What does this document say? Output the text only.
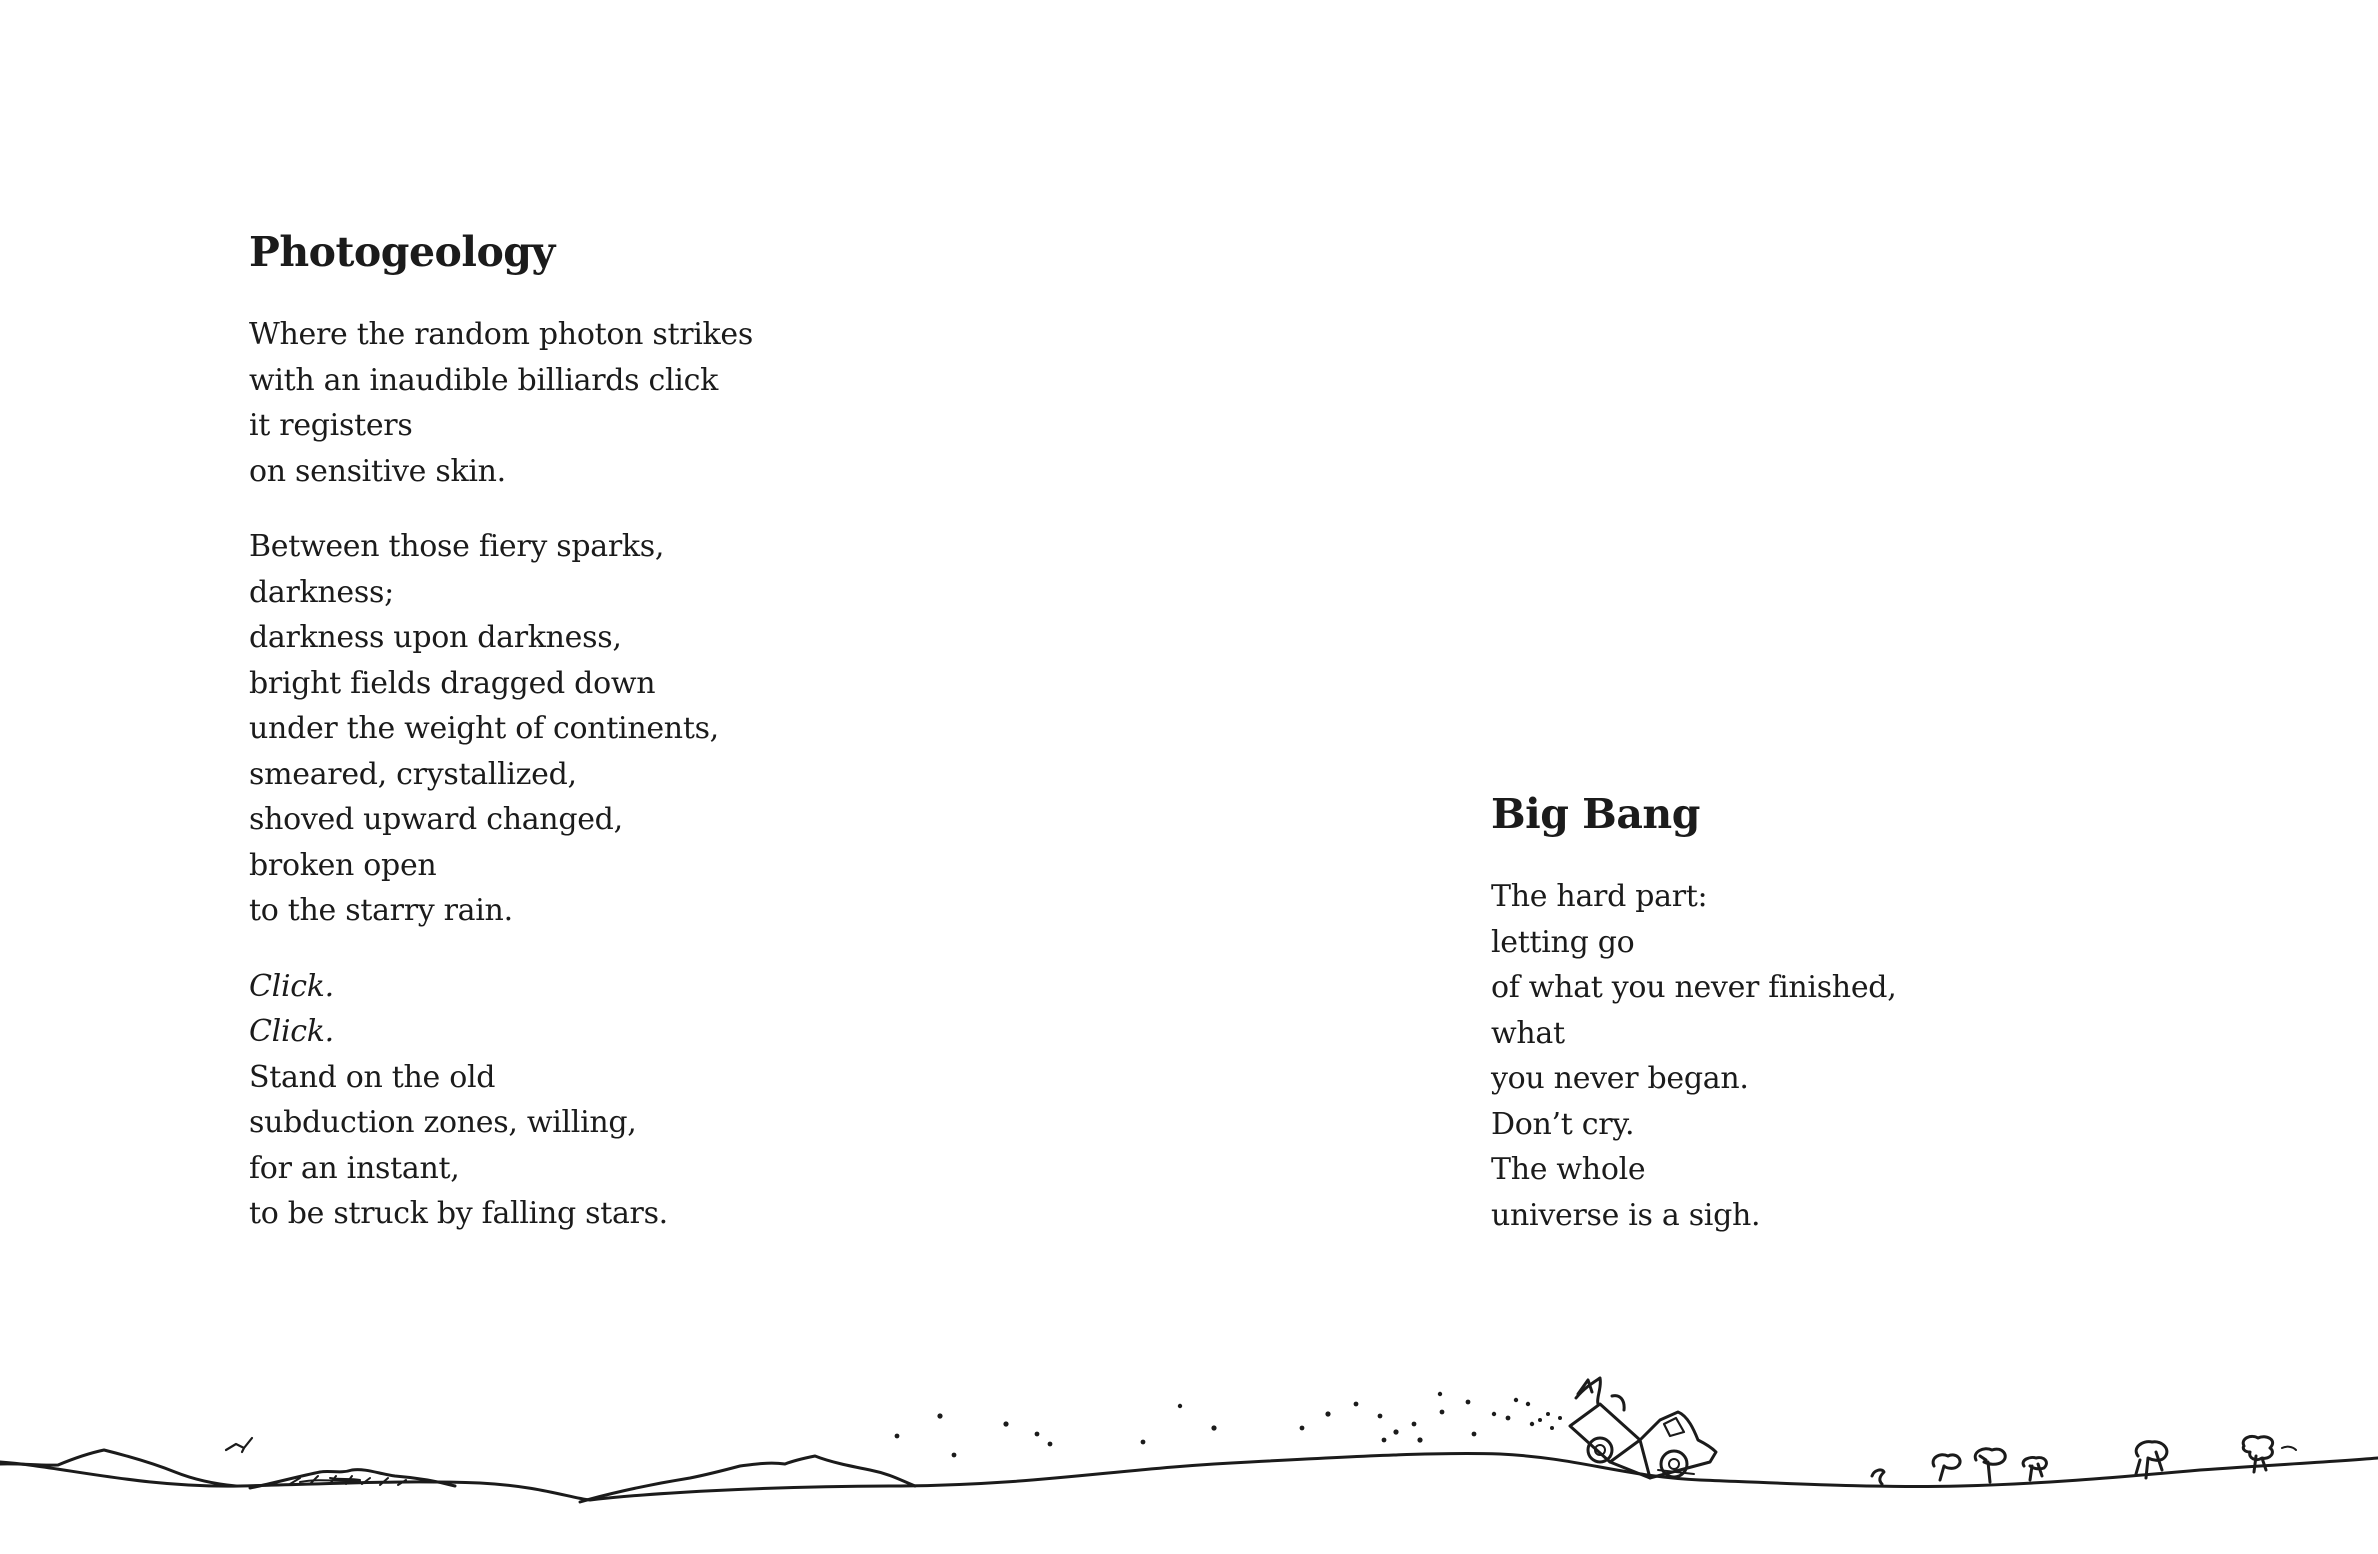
Photogeology
Where the random photon strikes
with an inaudible billiards click
it registers
on sensitive skin.
Between those fiery sparks,
darkness;
darkness upon darkness,
bright fields dragged down
under the weight of continents,
smeared, crystallized,
shoved upward changed,
broken open
to the starry rain.
Click.
Click.
Stand on the old
subduction zones, willing,
for an instant,
to be struck by falling stars.
Big Bang
The hard part:
letting go
of what you never finished,
what
you never began.
Don’t cry.
The whole
universe is a sigh.
